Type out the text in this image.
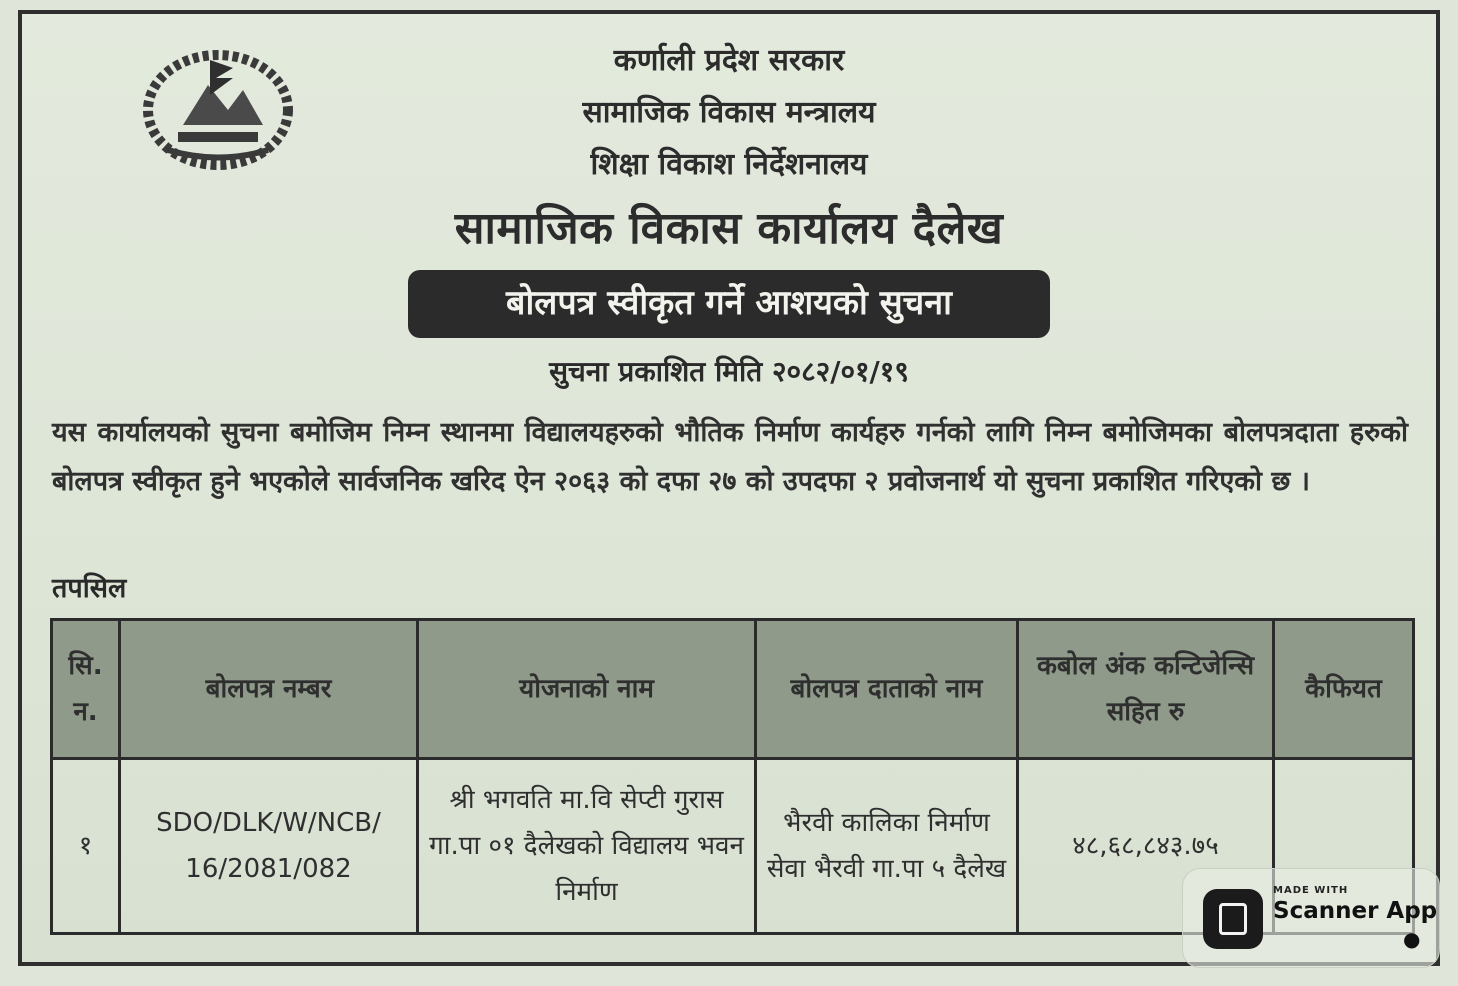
कर्णाली प्रदेश सरकार
सामाजिक विकास मन्त्रालय
शिक्षा विकाश निर्देशनालय
सामाजिक विकास कार्यालय दैलेख
बोलपत्र स्वीकृत गर्ने आशयको सुचना
सुचना प्रकाशित मिति २०८२/०१/१९
यस कार्यालयको सुचना बमोजिम निम्न स्थानमा विद्यालयहरुको भौतिक निर्माण कार्यहरु गर्नको लागि निम्न बमोजिमका बोलपत्रदाता हरुको बोलपत्र स्वीकृत हुने भएकोले सार्वजनिक खरिद ऐन २०६३ को दफा २७ को उपदफा २ प्रवोजनार्थ यो सुचना प्रकाशित गरिएको छ ।
तपसिल
सि. न.	बोलपत्र नम्बर	योजनाको नाम	बोलपत्र दाताको नाम	कबोल अंक कन्टिजेन्सि सहित रु	कैफियत
१	SDO/DLK/W/NCB/ 16/2081/082	श्री भगवति मा.वि सेप्टी गुरास गा.पा ०१ दैलेखको विद्यालय भवन निर्माण	भैरवी कालिका निर्माण सेवा भैरवी गा.पा ५ दैलेख	४८,६८,८४३.७५	
MADE WITH
Scanner App
●
